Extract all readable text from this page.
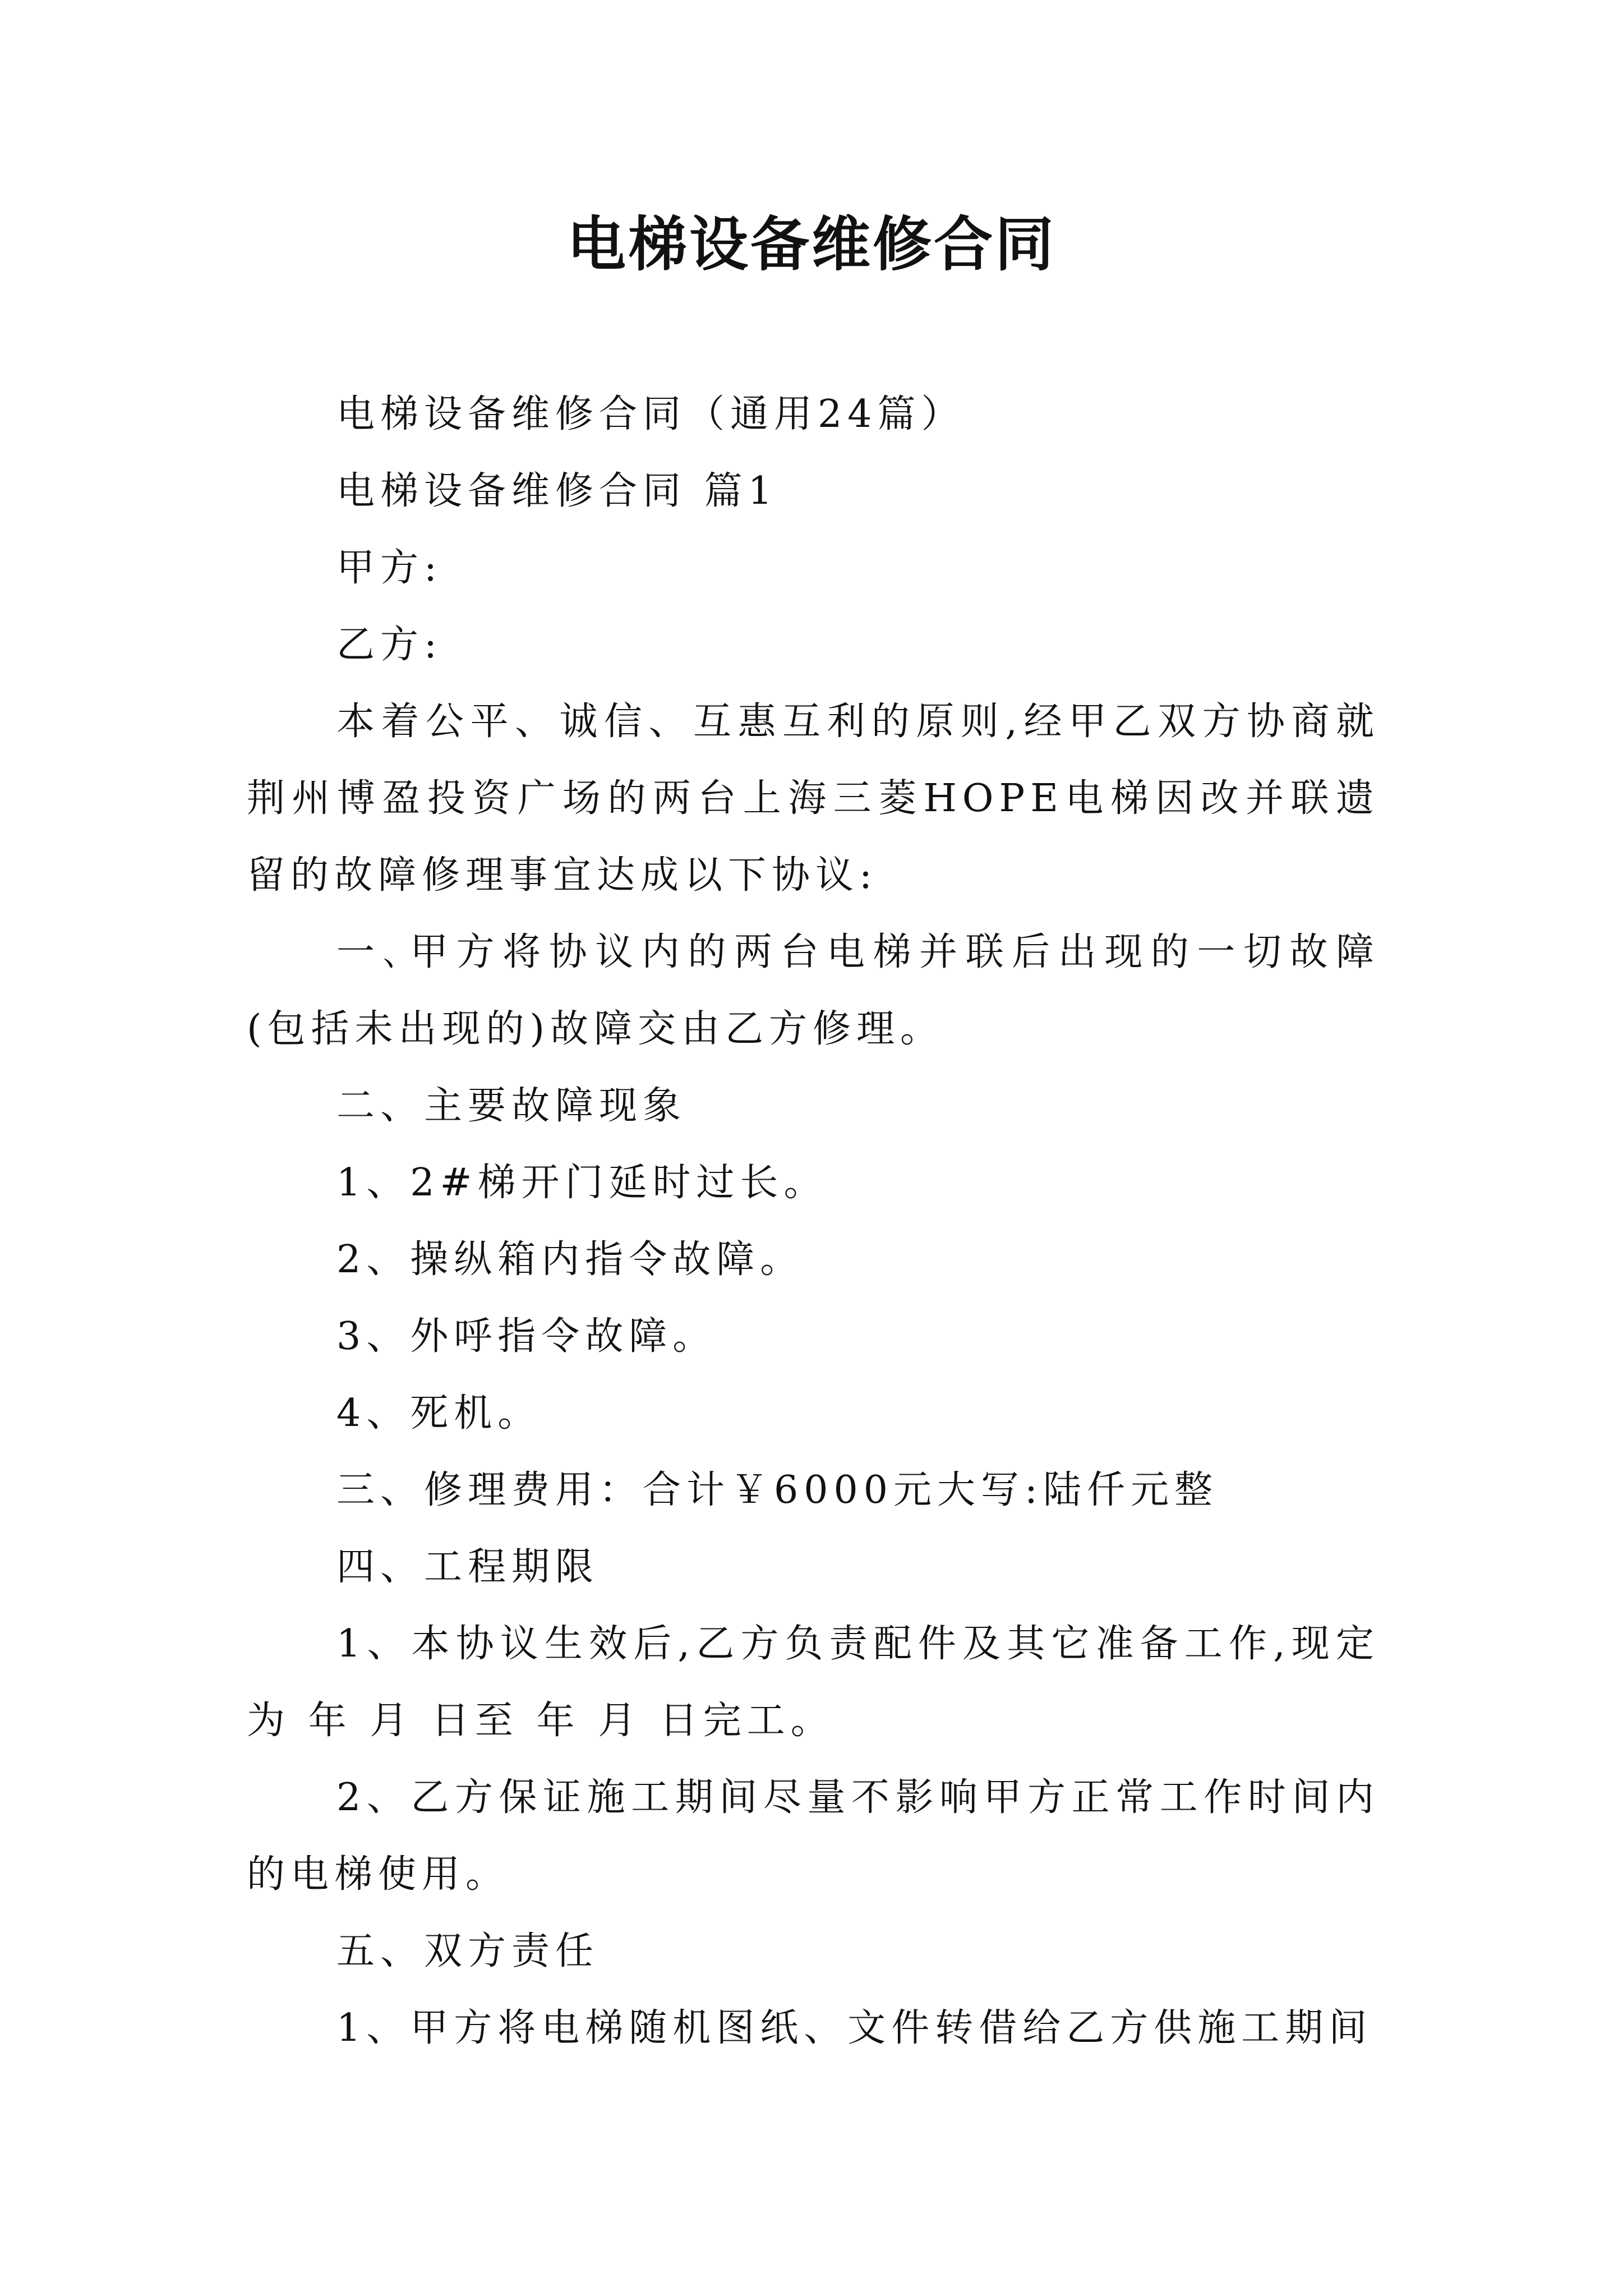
电梯设备维修合同

电梯设备维修合同（通用24篇）

电梯设备维修合同 篇1

甲方:

乙方:

本着公平、诚信、互惠互利的原则,经甲乙双方协商就荆州博盈投资广场的两台上海三菱HOPE电梯因改并联遗留的故障修理事宜达成以下协议:

一､甲方将协议内的两台电梯并联后出现的一切故障(包括未出现的)故障交由乙方修理。

二、主要故障现象

1、2#梯开门延时过长。

2、操纵箱内指令故障。

3、外呼指令故障。

4、死机。

三、修理费用：合计￥6000元大写:陆仟元整

四、工程期限

1、本协议生效后,乙方负责配件及其它准备工作,现定为 年 月 日至 年 月 日完工。

2、乙方保证施工期间尽量不影响甲方正常工作时间内的电梯使用。

五、双方责任

1、甲方将电梯随机图纸、文件转借给乙方供施工期间
